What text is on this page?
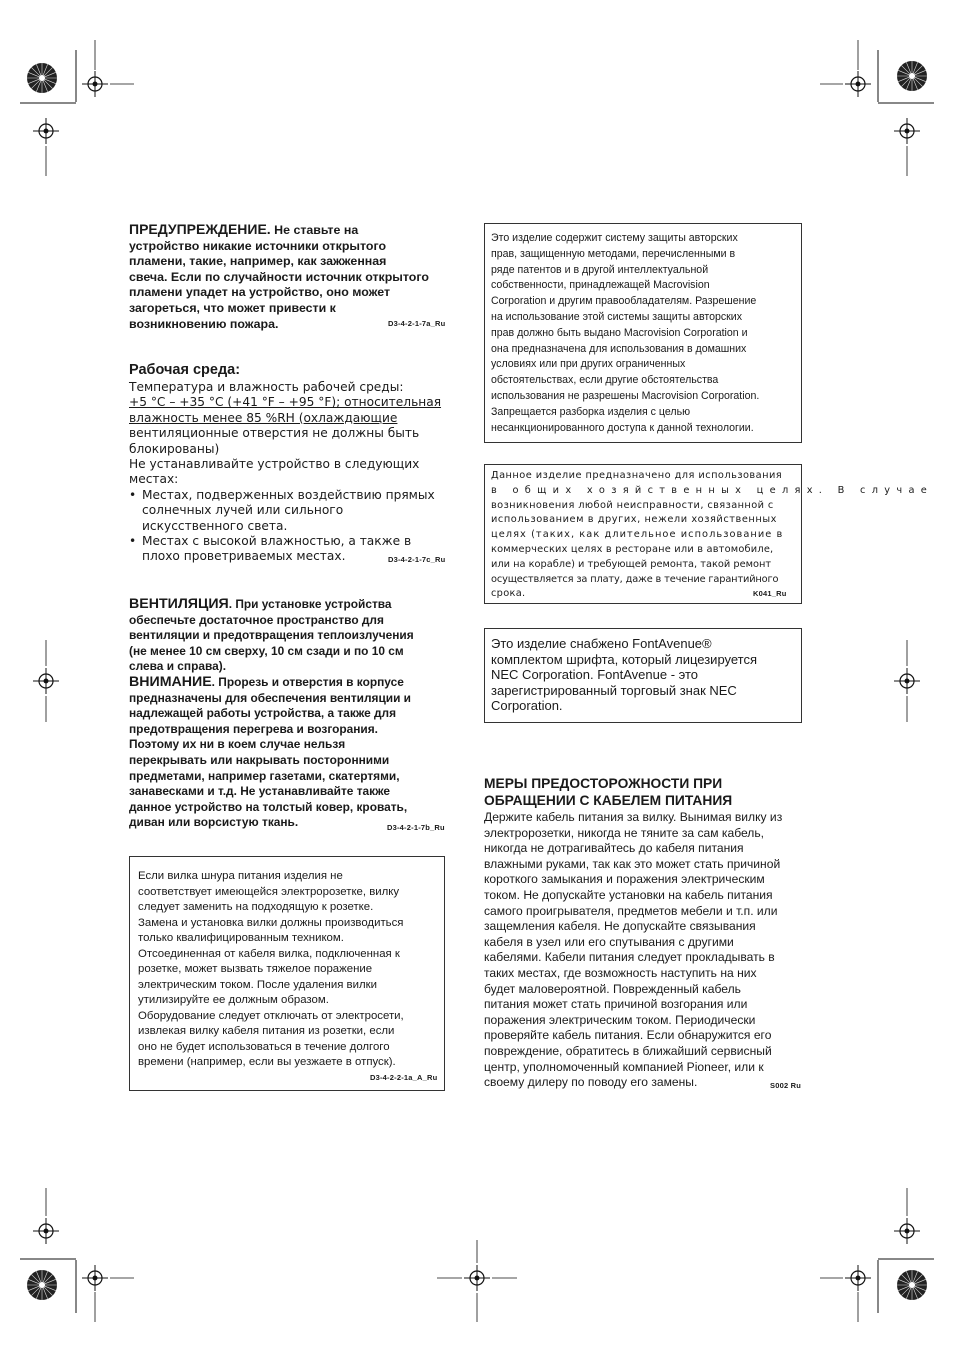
ПРЕДУПРЕЖДЕНИЕ. Не ставьте на
устройство никакие источники открытого
пламени, такие, например, как зажженная
свеча. Если по случайности источник открытого
пламени упадет на устройство, оно может
загореться, что может привести к
возникновению пожара.	D3-4-2-1-7a_Ru
Рабочая среда:
Температура и влажность рабочей среды:
+5 °C – +35 °C (+41 °F – +95 °F); относительная
влажность менее 85 %RH (охлаждающие
вентиляционные отверстия не должны быть
блокированы)
Не устанавливайте устройство в следующих
местах:
• Местах, подверженных воздействию прямых
солнечных лучей или сильного
искусственного света.
• Местах с высокой влажностью, а также в
плохо проветриваемых местах.	D3-4-2-1-7c_Ru
ВЕНТИЛЯЦИЯ. При установке устройства
обеспечьте достаточное пространство для
вентиляции и предотвращения теплоизлучения
(не менее 10 см сверху, 10 см сзади и по 10 см
слева и справа).
ВНИМАНИЕ. Прорезь и отверстия в корпусе
предназначены для обеспечения вентиляции и
надлежащей работы устройства, а также для
предотвращения перегрева и возгорания.
Поэтому их ни в коем случае нельзя
перекрывать или накрывать посторонними
предметами, например газетами, скатертями,
занавесками и т.д. Не устанавливайте также
данное устройство на толстый ковер, кровать,
диван или ворсистую ткань.	D3-4-2-1-7b_Ru
Если вилка шнура питания изделия не
соответствует имеющейся электророзетке, вилку
следует заменить на подходящую к розетке.
Замена и установка вилки должны производиться
только квалифицированным техником.
Отсоединенная от кабеля вилка, подключенная к
розетке, может вызвать тяжелое поражение
электрическим током. После удаления вилки
утилизируйте ее должным образом.
Оборудование следует отключать от электросети,
извлекая вилку кабеля питания из розетки, если
оно не будет использоваться в течение долгого
времени (например, если вы уезжаете в отпуск).
D3-4-2-2-1a_A_Ru
Это изделие содержит систему защиты авторских
прав, защищенную методами, перечисленными в
ряде патентов и в другой интеллектуальной
собственности, принадлежащей Macrovision
Corporation и другим правообладателям. Разрешение
на использование этой системы защиты авторских
прав должно быть выдано Macrovision Corporation и
она предназначена для использования в домашних
условиях или при других ограниченных
обстоятельствах, если другие обстоятельства
использования не разрешены Macrovision Corporation.
Запрещается разборка изделия с целью
несанкционированного доступа к данной технологии.
Данное изделие предназначено для использования
в общих хозяйственных целях. В случае
возникновения любой неисправности, связанной с
использованием в других, нежели хозяйственных
целях (таких, как длительное использование в
коммерческих целях в ресторане или в автомобиле,
или на корабле) и требующей ремонта, такой ремонт
осуществляется за плату, даже в течение гарантийного
срока.	K041_Ru
Это изделие снабжено FontAvenue®
комплектом шрифта, который лицезируется
NEC Corporation. FontAvenue - это
зарегистрированный торговый знак NEC
Corporation.
МЕРЫ ПРЕДОСТОРОЖНОСТИ ПРИ
ОБРАЩЕНИИ С КАБЕЛЕМ ПИТАНИЯ
Держите кабель питания за вилку. Вынимая вилку из
электророзетки, никогда не тяните за сам кабель,
никогда не дотрагивайтесь до кабеля питания
влажными руками, так как это может стать причиной
короткого замыкания и поражения электрическим
током. Не допускайте установки на кабель питания
самого проигрывателя, предметов мебели и т.п. или
защемления кабеля. Не допускайте связывания
кабеля в узел или его спутывания с другими
кабелями. Кабели питания следует прокладывать в
таких местах, где возможность наступить на них
будет маловероятной. Поврежденный кабель
питания может стать причиной возгорания или
поражения электрическим током. Периодически
проверяйте кабель питания. Если обнаружится его
повреждение, обратитесь в ближайший сервисный
центр, уполномоченный компанией Pioneer, или к
своему дилеру по поводу его замены.	S002 Ru
